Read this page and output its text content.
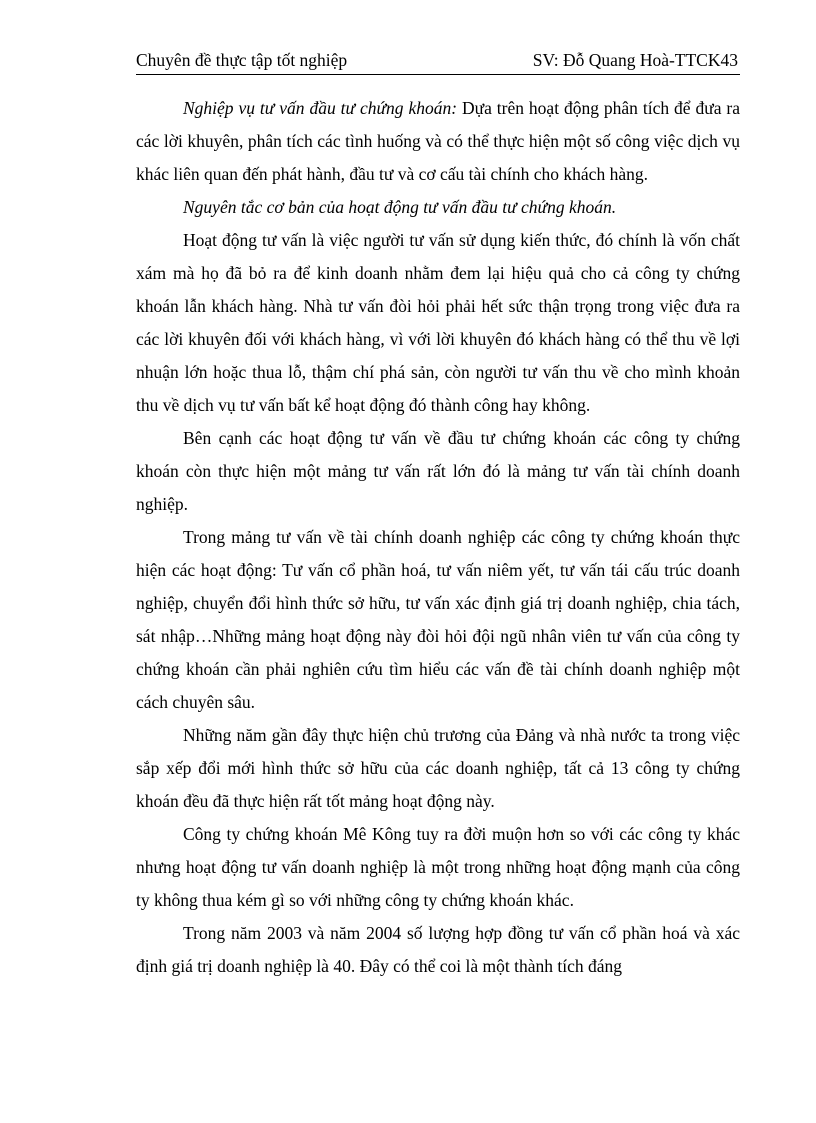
Chuyên đề thực tập tốt nghiệp	SV: Đỗ Quang Hoà-TTCK43

Nghiệp vụ tư vấn đầu tư chứng khoán: Dựa trên hoạt động phân tích để đưa ra các lời khuyên, phân tích các tình huống và có thể thực hiện một số công việc dịch vụ khác liên quan đến phát hành, đầu tư và cơ cấu tài chính cho khách hàng.

Nguyên tắc cơ bản của hoạt động tư vấn đầu tư chứng khoán.

Hoạt động tư vấn là việc người tư vấn sử dụng kiến thức, đó chính là vốn chất xám mà họ đã bỏ ra để kinh doanh nhằm đem lại hiệu quả cho cả công ty chứng khoán lẫn khách hàng. Nhà tư vấn đòi hỏi phải hết sức thận trọng trong việc đưa ra các lời khuyên đối với khách hàng, vì với lời khuyên đó khách hàng có thể thu về lợi nhuận lớn hoặc thua lỗ, thậm chí phá sản, còn người tư vấn thu về cho mình khoản thu về dịch vụ tư vấn bất kể hoạt động đó thành công hay không.

Bên cạnh các hoạt động tư vấn về đầu tư chứng khoán các công ty chứng khoán còn thực hiện một mảng tư vấn rất lớn đó là mảng tư vấn tài chính doanh nghiệp.

Trong mảng tư vấn về tài chính doanh nghiệp các công ty chứng khoán thực hiện các hoạt động: Tư vấn cổ phần hoá, tư vấn niêm yết, tư vấn tái cấu trúc doanh nghiệp, chuyển đổi hình thức sở hữu, tư vấn xác định giá trị doanh nghiệp, chia tách, sát nhập…Những mảng hoạt động này đòi hỏi đội ngũ nhân viên tư vấn của công ty chứng khoán cần phải nghiên cứu tìm hiểu các vấn đề tài chính doanh nghiệp một cách chuyên sâu.

Những năm gần đây thực hiện chủ trương của Đảng và nhà nước ta trong việc sắp xếp đổi mới hình thức sở hữu của các doanh nghiệp, tất cả 13 công ty chứng khoán đều đã thực hiện rất tốt mảng hoạt động này.

Công ty chứng khoán Mê Kông tuy ra đời muộn hơn so với các công ty khác nhưng hoạt động tư vấn doanh nghiệp là một trong những hoạt động mạnh của công ty không thua kém gì so với những công ty chứng khoán khác.

Trong năm 2003 và năm 2004 số lượng hợp đồng tư vấn cổ phần hoá và xác định giá trị doanh nghiệp là 40. Đây có thể coi là một thành tích đáng
